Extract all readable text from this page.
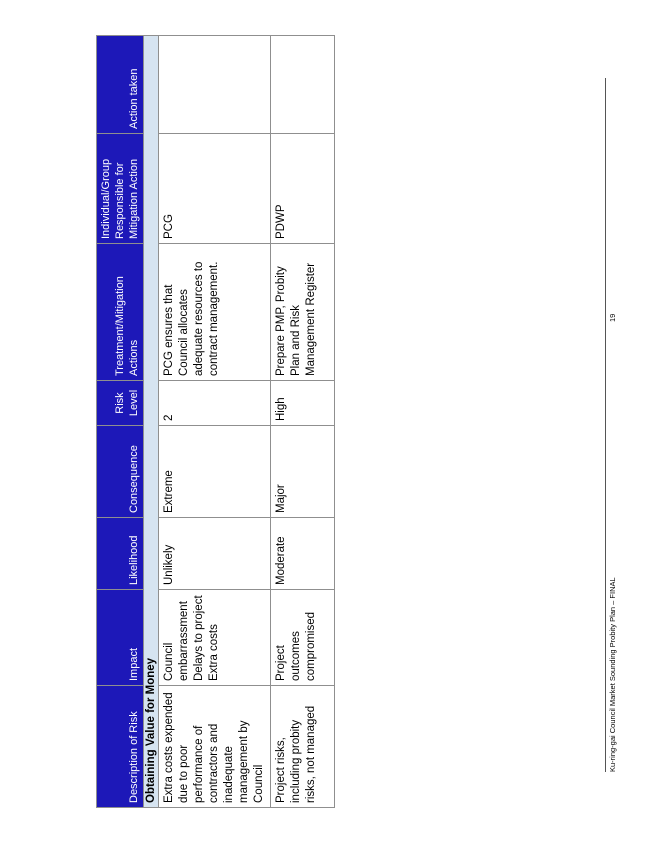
Description of Risk	Impact	Likelihood	Consequence	Risk Level	Treatment/Mitigation Actions	Individual/Group Responsible for Mitigation Action	Action taken
Obtaining Value for Money							
Extra costs expended due to poor performance of contractors and inadequate management by Council	Council embarrassment Delays to project Extra costs	Unlikely	Extreme	2	PCG ensures that Council allocates adequate resources to contract management.	PCG	
Project risks, including probity risks, not managed	Project outcomes compromised	Moderate	Major	High	Prepare PMP, Probity Plan and Risk Management Register	PDWP	
Ku-ring-gai Council Market Sounding Probity Plan – FINAL
19
